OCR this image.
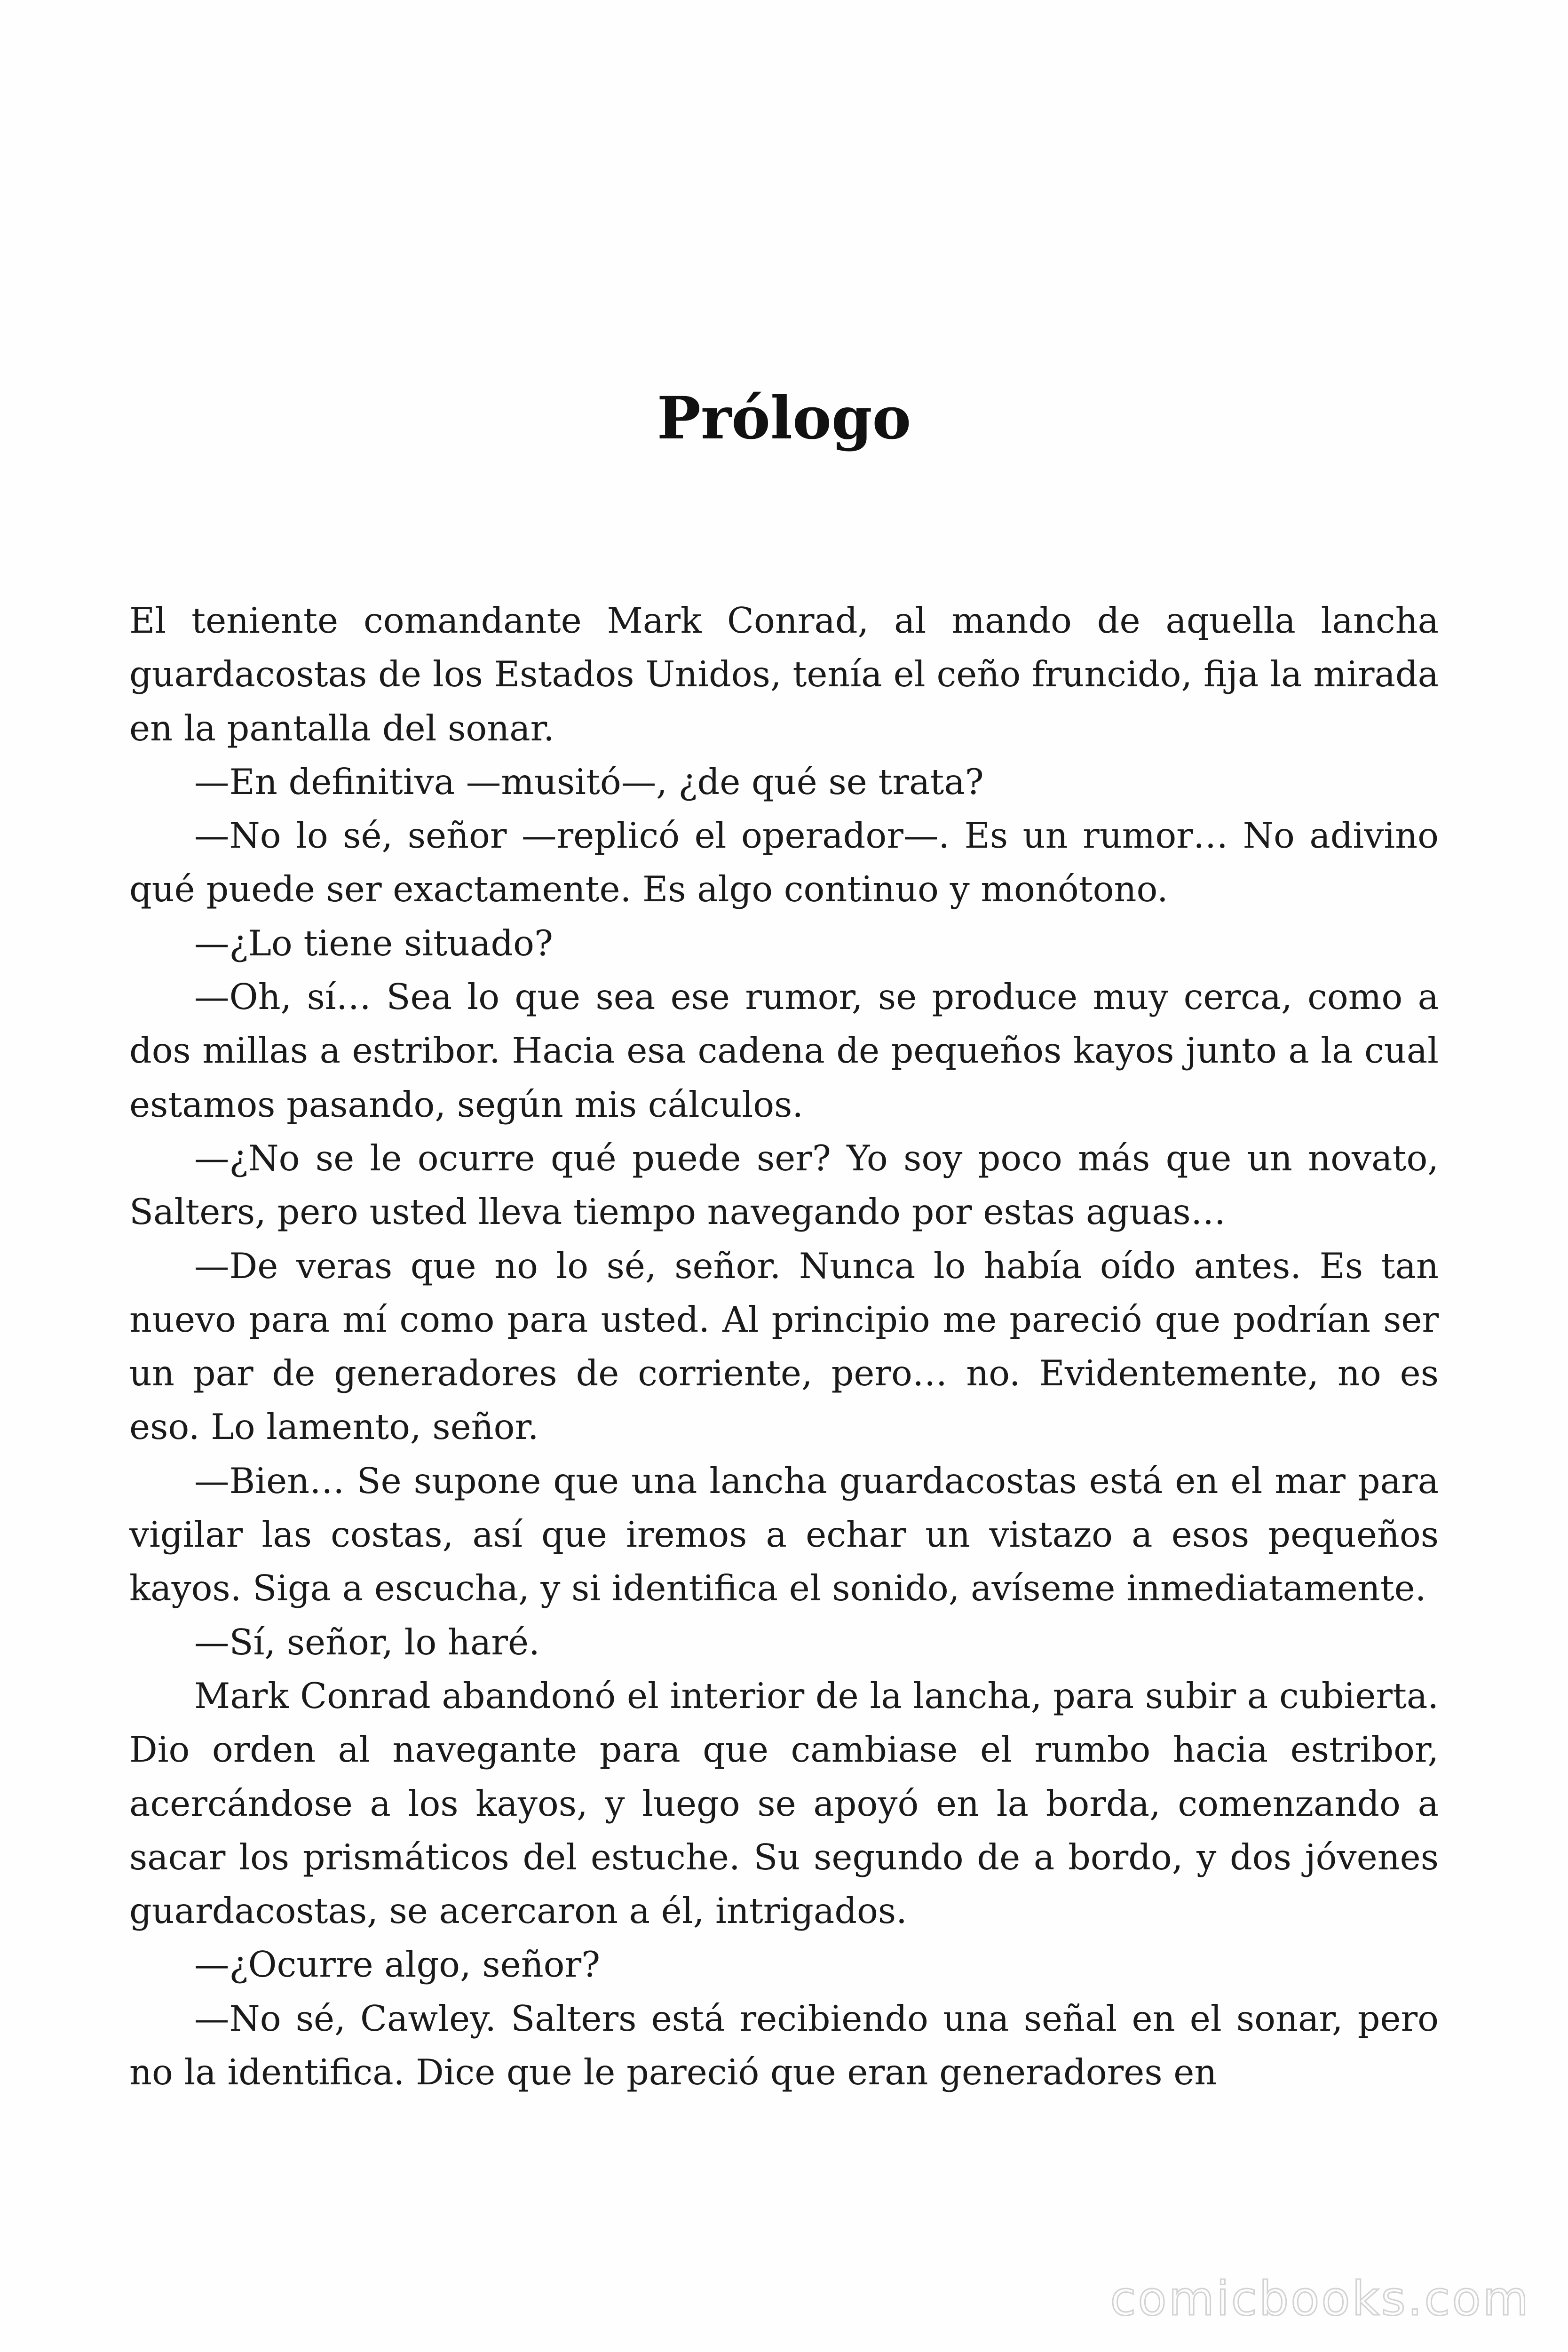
Prólogo

El teniente comandante Mark Conrad, al mando de aquella lancha guardacostas de los Estados Unidos, tenía el ceño fruncido, fija la mirada en la pantalla del sonar.

—En definitiva —musitó—, ¿de qué se trata?

—No lo sé, señor —replicó el operador—. Es un rumor… No adivino qué puede ser exactamente. Es algo continuo y monótono.

—¿Lo tiene situado?

—Oh, sí… Sea lo que sea ese rumor, se produce muy cerca, como a dos millas a estribor. Hacia esa cadena de pequeños kayos junto a la cual estamos pasando, según mis cálculos.

—¿No se le ocurre qué puede ser? Yo soy poco más que un novato, Salters, pero usted lleva tiempo navegando por estas aguas…

—De veras que no lo sé, señor. Nunca lo había oído antes. Es tan nuevo para mí como para usted. Al principio me pareció que podrían ser un par de generadores de corriente, pero… no. Evidentemente, no es eso. Lo lamento, señor.

—Bien… Se supone que una lancha guardacostas está en el mar para vigilar las costas, así que iremos a echar un vistazo a esos pequeños kayos. Siga a escucha, y si identifica el sonido, avíseme inmediatamente.

—Sí, señor, lo haré.

Mark Conrad abandonó el interior de la lancha, para subir a cubierta. Dio orden al navegante para que cambiase el rumbo hacia estribor, acercándose a los kayos, y luego se apoyó en la borda, comenzando a sacar los prismáticos del estuche. Su segundo de a bordo, y dos jóvenes guardacostas, se acercaron a él, intrigados.

—¿Ocurre algo, señor?

—No sé, Cawley. Salters está recibiendo una señal en el sonar, pero no la identifica. Dice que le pareció que eran generadores en

comicbooks.com
